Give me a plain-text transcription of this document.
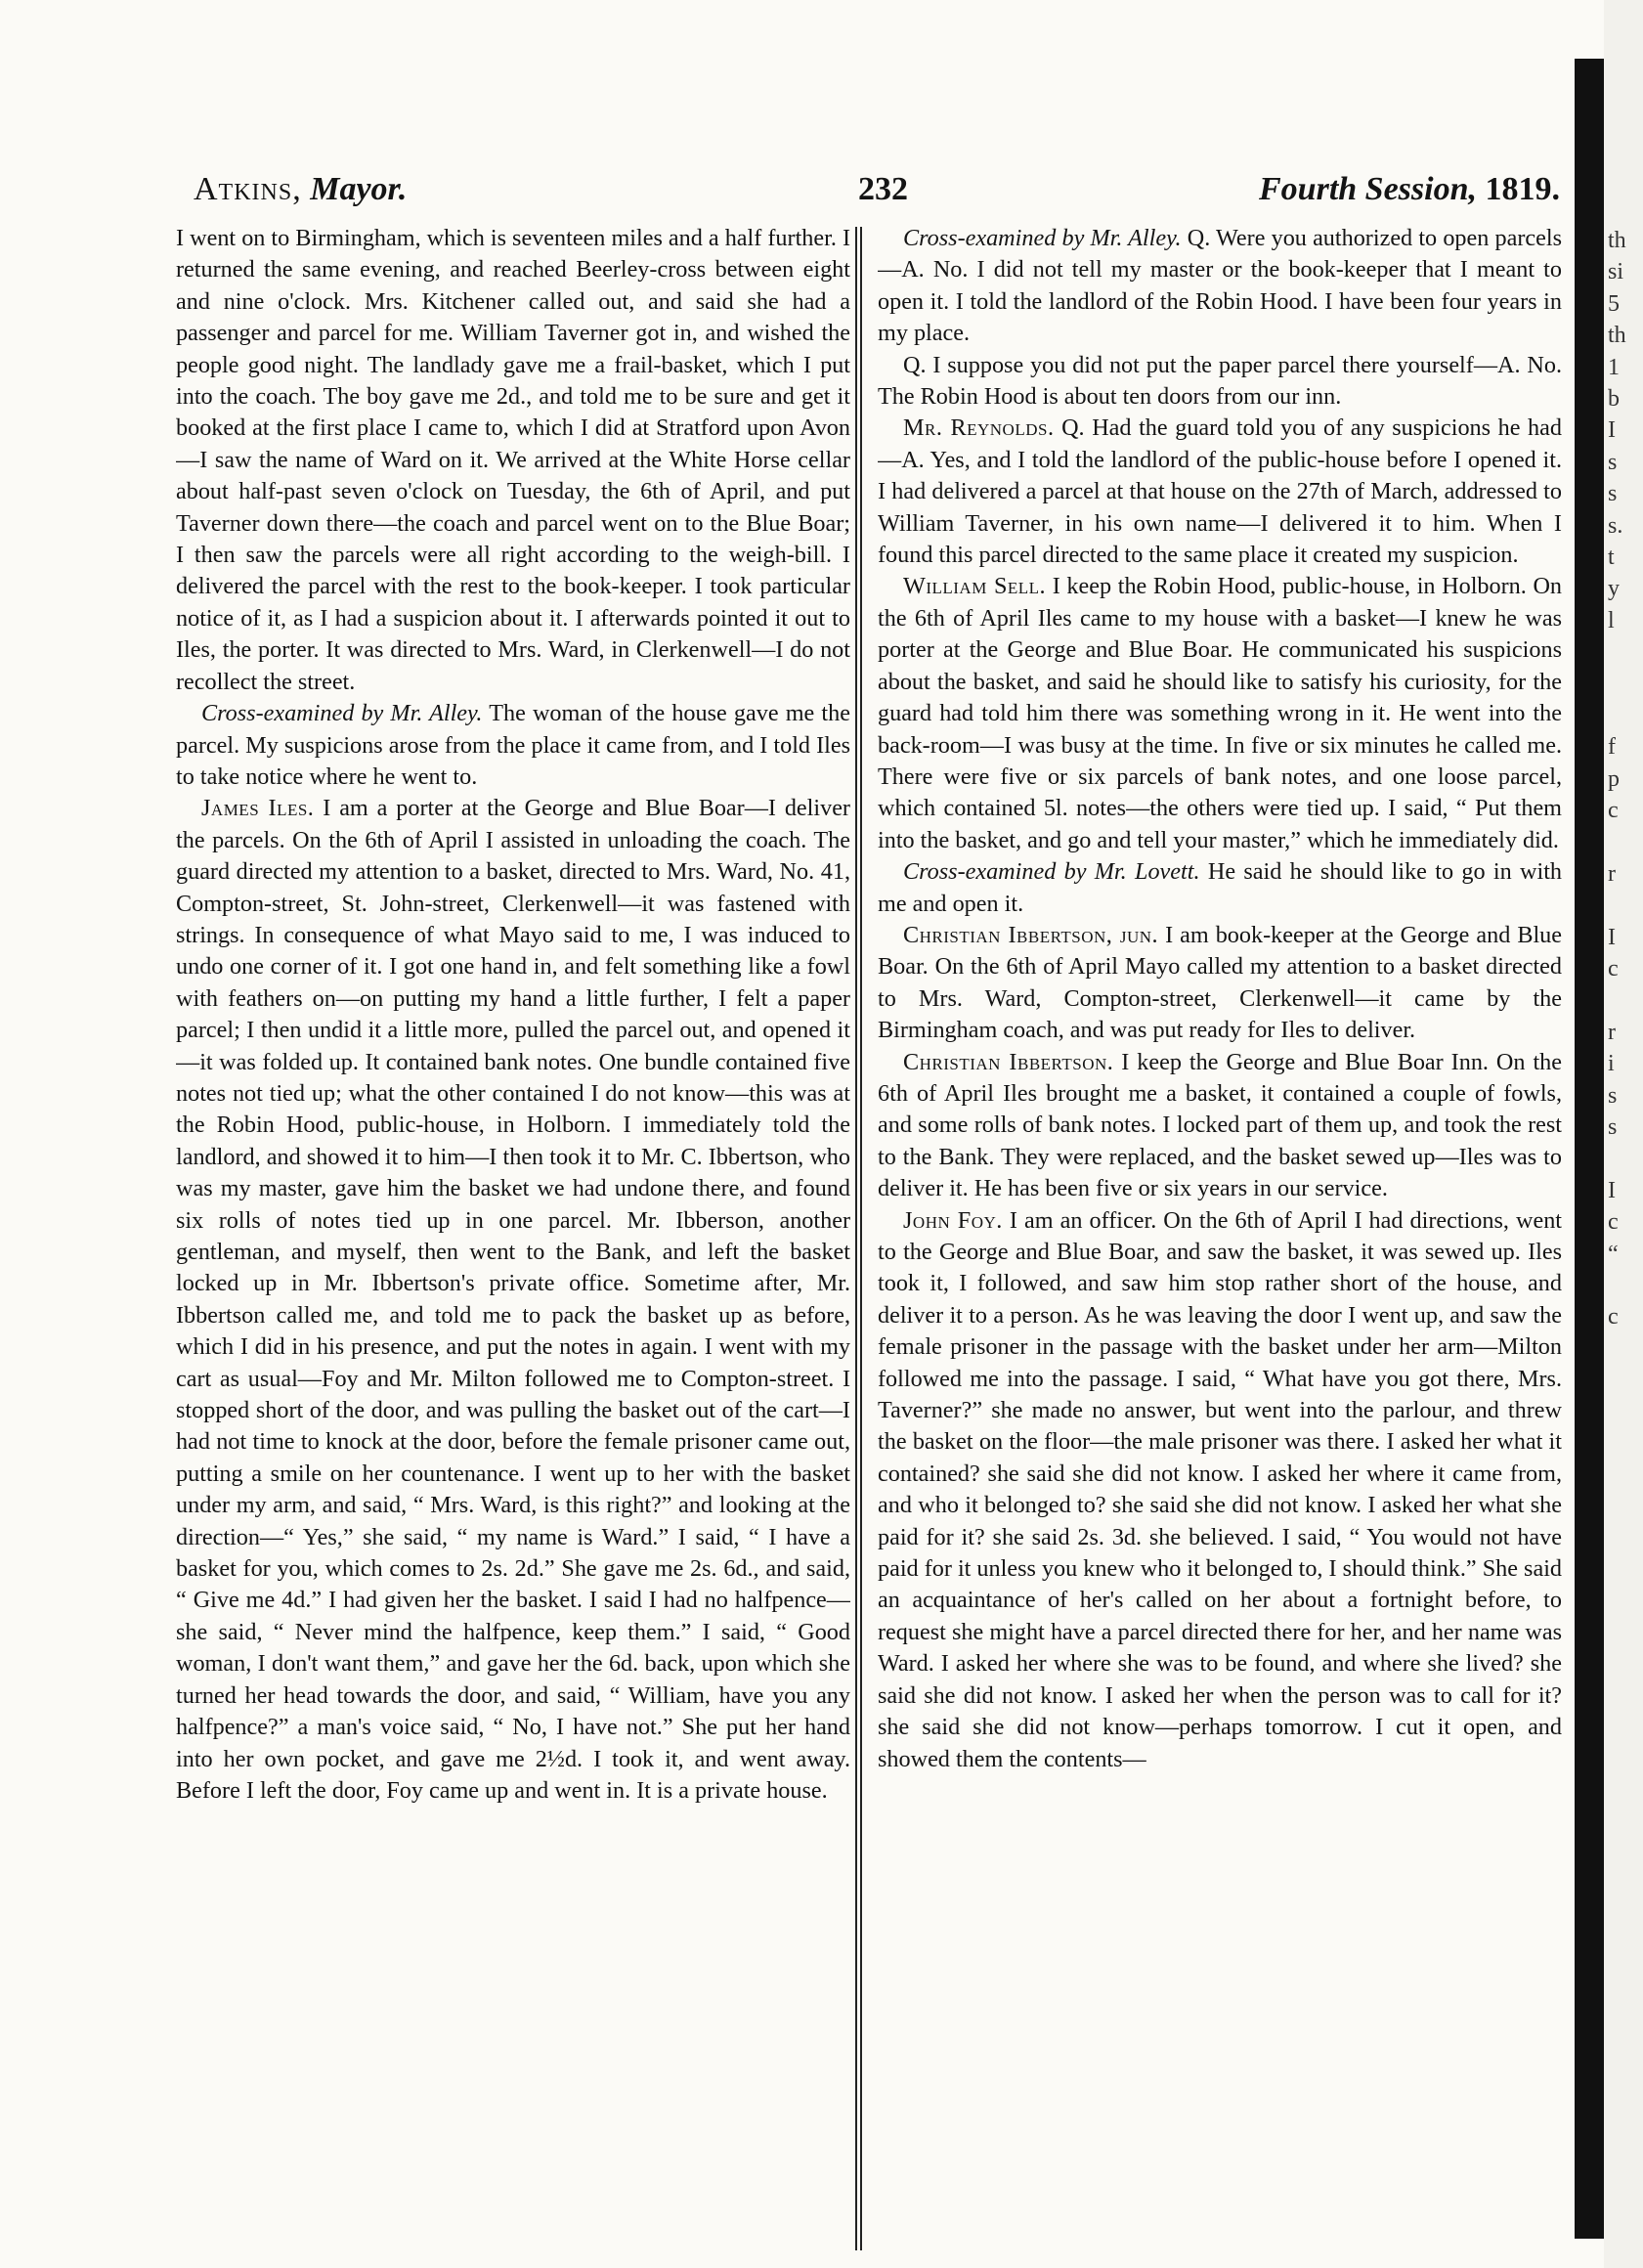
Atkins, Mayor.	232	Fourth Session, 1819.

I went on to Birmingham, which is seventeen miles and a half further. I returned the same evening, and reached Beerley-cross between eight and nine o'clock. Mrs. Kitchener called out, and said she had a passenger and parcel for me. William Taverner got in, and wished the people good night. The landlady gave me a frail-basket, which I put into the coach. The boy gave me 2d., and told me to be sure and get it booked at the first place I came to, which I did at Stratford upon Avon—I saw the name of Ward on it. We arrived at the White Horse cellar about half-past seven o'clock on Tuesday, the 6th of April, and put Taverner down there—the coach and parcel went on to the Blue Boar; I then saw the parcels were all right according to the weigh-bill. I delivered the parcel with the rest to the book-keeper. I took particular notice of it, as I had a suspicion about it. I afterwards pointed it out to Iles, the porter. It was directed to Mrs. Ward, in Clerkenwell—I do not recollect the street.

Cross-examined by Mr. Alley. The woman of the house gave me the parcel. My suspicions arose from the place it came from, and I told Iles to take notice where he went to.

James Iles. I am a porter at the George and Blue Boar—I deliver the parcels. On the 6th of April I assisted in unloading the coach. The guard directed my attention to a basket, directed to Mrs. Ward, No. 41, Compton-street, St. John-street, Clerkenwell—it was fastened with strings. In consequence of what Mayo said to me, I was induced to undo one corner of it. I got one hand in, and felt something like a fowl with feathers on—on putting my hand a little further, I felt a paper parcel; I then undid it a little more, pulled the parcel out, and opened it—it was folded up. It contained bank notes. One bundle contained five notes not tied up; what the other contained I do not know—this was at the Robin Hood, public-house, in Holborn. I immediately told the landlord, and showed it to him—I then took it to Mr. C. Ibbertson, who was my master, gave him the basket we had undone there, and found six rolls of notes tied up in one parcel. Mr. Ibberson, another gentleman, and myself, then went to the Bank, and left the basket locked up in Mr. Ibbertson's private office. Sometime after, Mr. Ibbertson called me, and told me to pack the basket up as before, which I did in his presence, and put the notes in again. I went with my cart as usual—Foy and Mr. Milton followed me to Compton-street. I stopped short of the door, and was pulling the basket out of the cart—I had not time to knock at the door, before the female prisoner came out, putting a smile on her countenance. I went up to her with the basket under my arm, and said, “ Mrs. Ward, is this right?” and looking at the direction—“ Yes,” she said, “ my name is Ward.” I said, “ I have a basket for you, which comes to 2s. 2d.” She gave me 2s. 6d., and said, “ Give me 4d.” I had given her the basket. I said I had no halfpence—she said, “ Never mind the halfpence, keep them.” I said, “ Good woman, I don't want them,” and gave her the 6d. back, upon which she turned her head towards the door, and said, “ William, have you any halfpence?” a man's voice said, “ No, I have not.” She put her hand into her own pocket, and gave me 2½d. I took it, and went away. Before I left the door, Foy came up and went in. It is a private house.

Cross-examined by Mr. Alley. Q. Were you authorized to open parcels—A. No. I did not tell my master or the book-keeper that I meant to open it. I told the landlord of the Robin Hood. I have been four years in my place.

Q. I suppose you did not put the paper parcel there yourself—A. No. The Robin Hood is about ten doors from our inn.

Mr. Reynolds. Q. Had the guard told you of any suspicions he had—A. Yes, and I told the landlord of the public-house before I opened it. I had delivered a parcel at that house on the 27th of March, addressed to William Taverner, in his own name—I delivered it to him. When I found this parcel directed to the same place it created my suspicion.

William Sell. I keep the Robin Hood, public-house, in Holborn. On the 6th of April Iles came to my house with a basket—I knew he was porter at the George and Blue Boar. He communicated his suspicions about the basket, and said he should like to satisfy his curiosity, for the guard had told him there was something wrong in it. He went into the back-room—I was busy at the time. In five or six minutes he called me. There were five or six parcels of bank notes, and one loose parcel, which contained 5l. notes—the others were tied up. I said, “ Put them into the basket, and go and tell your master,” which he immediately did.

Cross-examined by Mr. Lovett. He said he should like to go in with me and open it.

Christian Ibbertson, jun. I am book-keeper at the George and Blue Boar. On the 6th of April Mayo called my attention to a basket directed to Mrs. Ward, Compton-street, Clerkenwell—it came by the Birmingham coach, and was put ready for Iles to deliver.

Christian Ibbertson. I keep the George and Blue Boar Inn. On the 6th of April Iles brought me a basket, it contained a couple of fowls, and some rolls of bank notes. I locked part of them up, and took the rest to the Bank. They were replaced, and the basket sewed up—Iles was to deliver it. He has been five or six years in our service.

John Foy. I am an officer. On the 6th of April I had directions, went to the George and Blue Boar, and saw the basket, it was sewed up. Iles took it, I followed, and saw him stop rather short of the house, and deliver it to a person. As he was leaving the door I went up, and saw the female prisoner in the passage with the basket under her arm—Milton followed me into the passage. I said, “ What have you got there, Mrs. Taverner?” she made no answer, but went into the parlour, and threw the basket on the floor—the male prisoner was there. I asked her what it contained? she said she did not know. I asked her where it came from, and who it belonged to? she said she did not know. I asked her what she paid for it? she said 2s. 3d. she believed. I said, “ You would not have paid for it unless you knew who it belonged to, I should think.” She said an acquaintance of her's called on her about a fortnight before, to request she might have a parcel directed there for her, and her name was Ward. I asked her where she was to be found, and where she lived? she said she did not know. I asked her when the person was to call for it? she said she did not know—perhaps tomorrow. I cut it open, and showed them the contents—

th
si
5
th
1
b
I
s
s
s.
t
y
l
f
p
c
r
I
c
r
i
s
s
I
c
“
c
